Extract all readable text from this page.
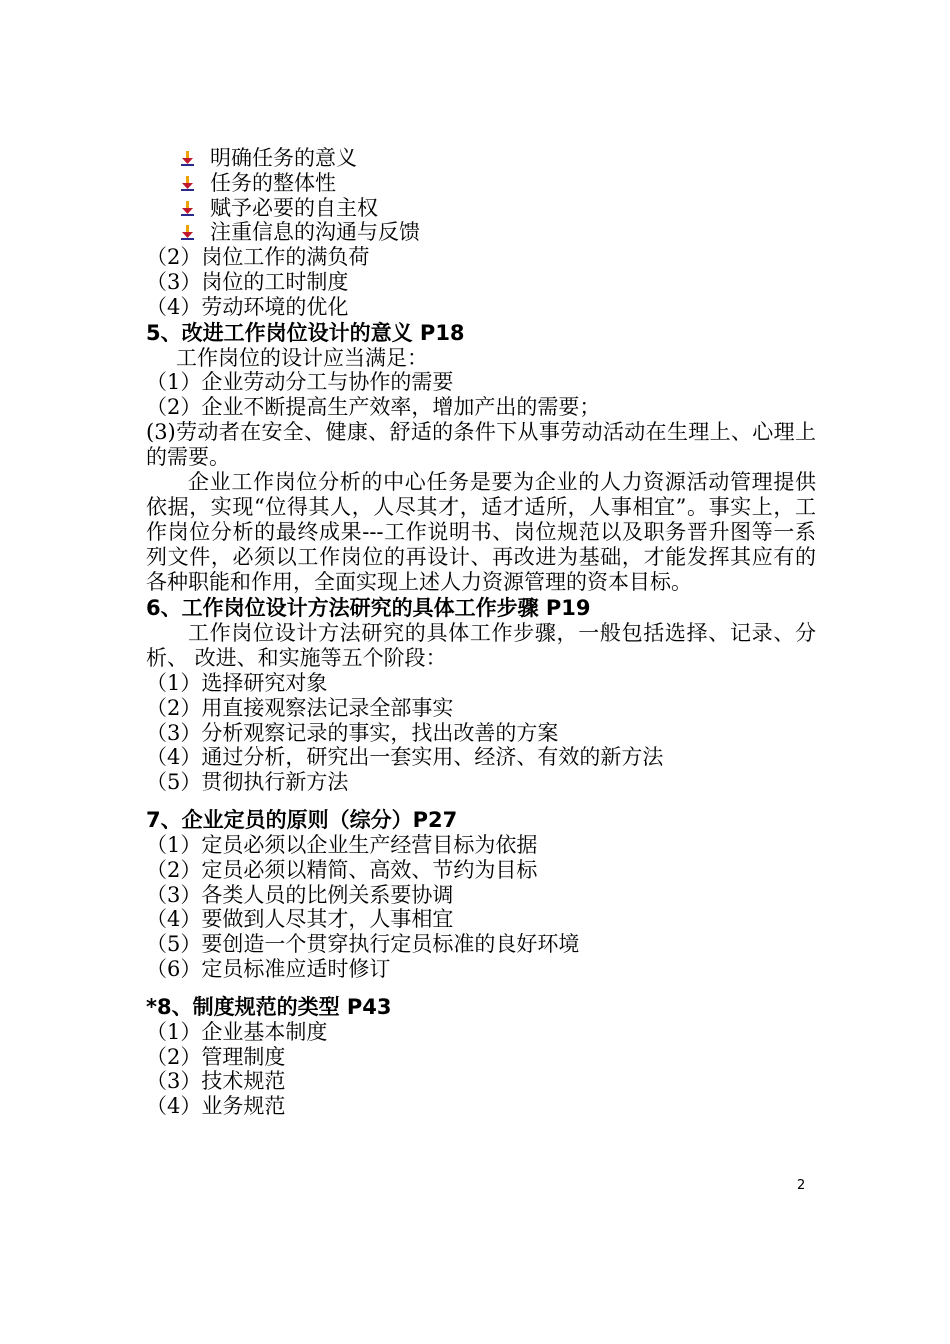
明确任务的意义
任务的整体性
赋予必要的自主权
注重信息的沟通与反馈
（2）岗位工作的满负荷
（3）岗位的工时制度
（4）劳动环境的优化
5、改进工作岗位设计的意义 P18
工作岗位的设计应当满足：
（1）企业劳动分工与协作的需要
（2）企业不断提高生产效率，增加产出的需要；
(3)劳动者在安全、健康、舒适的条件下从事劳动活动在生理上、心理上的需要。
企业工作岗位分析的中心任务是要为企业的人力资源活动管理提供依据，实现“位得其人，人尽其才，适才适所，人事相宜”。事实上，工作岗位分析的最终成果---工作说明书、岗位规范以及职务晋升图等一系列文件，必须以工作岗位的再设计、再改进为基础，才能发挥其应有的各种职能和作用，全面实现上述人力资源管理的资本目标。
6、工作岗位设计方法研究的具体工作步骤 P19
工作岗位设计方法研究的具体工作步骤，一般包括选择、记录、分析、 改进、和实施等五个阶段：
（1）选择研究对象
（2）用直接观察法记录全部事实
（3）分析观察记录的事实，找出改善的方案
（4）通过分析，研究出一套实用、经济、有效的新方法
（5）贯彻执行新方法
7、企业定员的原则（综分）P27
（1）定员必须以企业生产经营目标为依据
（2）定员必须以精简、高效、节约为目标
（3）各类人员的比例关系要协调
（4）要做到人尽其才，人事相宜
（5）要创造一个贯穿执行定员标准的良好环境
（6）定员标准应适时修订
*8、制度规范的类型 P43
（1）企业基本制度
（2）管理制度
（3）技术规范
（4）业务规范
2
